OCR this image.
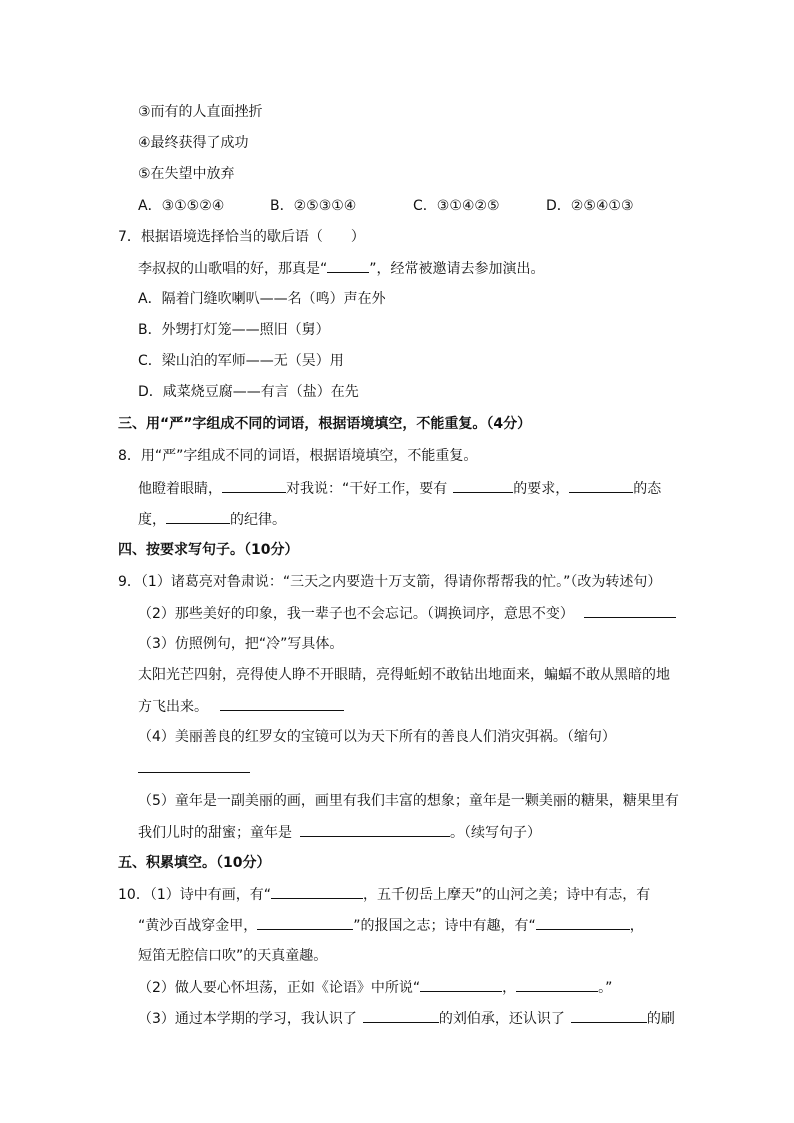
③而有的人直面挫折
④最终获得了成功
⑤在失望中放弃
A．③①⑤②④	B．②⑤③①④	C．③①④②⑤	D．②⑤④①③
7．根据语境选择恰当的歇后语（　　）
李叔叔的山歌唱的好，那真是“	”，经常被邀请去参加演出。
A．隔着门缝吹喇叭——名（鸣）声在外
B．外甥打灯笼——照旧（舅）
C．梁山泊的军师——无（吴）用
D．咸菜烧豆腐——有言（盐）在先
三、用“严”字组成不同的词语，根据语境填空，不能重复。（4分）
8．用“严”字组成不同的词语，根据语境填空，不能重复。
他瞪着眼睛，	对我说：“干好工作，要有	的要求，	的态
度，	的纪律。
四、按要求写句子。（10分）
9．（1）诸葛亮对鲁肃说：“三天之内要造十万支箭，得请你帮帮我的忙。”（改为转述句）
（2）那些美好的印象，我一辈子也不会忘记。（调换词序，意思不变）
（3）仿照例句，把“冷”写具体。
太阳光芒四射，亮得使人睁不开眼睛，亮得蚯蚓不敢钻出地面来，蝙蝠不敢从黑暗的地
方飞出来。
（4）美丽善良的红罗女的宝镜可以为天下所有的善良人们消灾弭祸。（缩句）
（5）童年是一副美丽的画，画里有我们丰富的想象；童年是一颗美丽的糖果，糖果里有
我们儿时的甜蜜；童年是	。（续写句子）
五、积累填空。（10分）
10．（1）诗中有画，有“	，五千仞岳上摩天”的山河之美；诗中有志，有
“黄沙百战穿金甲，	”的报国之志；诗中有趣，有“	，
短笛无腔信口吹”的天真童趣。
（2）做人要心怀坦荡，正如《论语》中所说“	，	。”
（3）通过本学期的学习，我认识了	的刘伯承，还认识了	的刷
